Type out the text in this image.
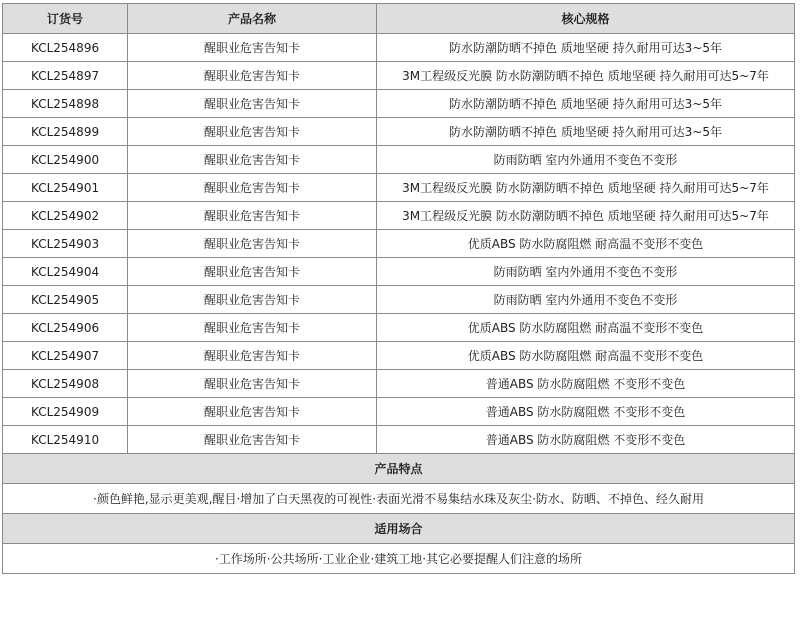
订货号	产品名称	核心规格
KCL254896	醒职业危害告知卡	防水防潮防晒不掉色 质地坚硬 持久耐用可达3~5年
KCL254897	醒职业危害告知卡	3M工程级反光膜 防水防潮防晒不掉色 质地坚硬 持久耐用可达5~7年
KCL254898	醒职业危害告知卡	防水防潮防晒不掉色 质地坚硬 持久耐用可达3~5年
KCL254899	醒职业危害告知卡	防水防潮防晒不掉色 质地坚硬 持久耐用可达3~5年
KCL254900	醒职业危害告知卡	防雨防晒 室内外通用不变色不变形
KCL254901	醒职业危害告知卡	3M工程级反光膜 防水防潮防晒不掉色 质地坚硬 持久耐用可达5~7年
KCL254902	醒职业危害告知卡	3M工程级反光膜 防水防潮防晒不掉色 质地坚硬 持久耐用可达5~7年
KCL254903	醒职业危害告知卡	优质ABS 防水防腐阻燃 耐高温不变形不变色
KCL254904	醒职业危害告知卡	防雨防晒 室内外通用不变色不变形
KCL254905	醒职业危害告知卡	防雨防晒 室内外通用不变色不变形
KCL254906	醒职业危害告知卡	优质ABS 防水防腐阻燃 耐高温不变形不变色
KCL254907	醒职业危害告知卡	优质ABS 防水防腐阻燃 耐高温不变形不变色
KCL254908	醒职业危害告知卡	普通ABS 防水防腐阻燃 不变形不变色
KCL254909	醒职业危害告知卡	普通ABS 防水防腐阻燃 不变形不变色
KCL254910	醒职业危害告知卡	普通ABS 防水防腐阻燃 不变形不变色
产品特点		
·颜色鲜艳,显示更美观,醒目·增加了白天黑夜的可视性·表面光滑不易集结水珠及灰尘·防水、防晒、不掉色、经久耐用		
适用场合		
·工作场所·公共场所·工业企业·建筑工地·其它必要提醒人们注意的场所		
